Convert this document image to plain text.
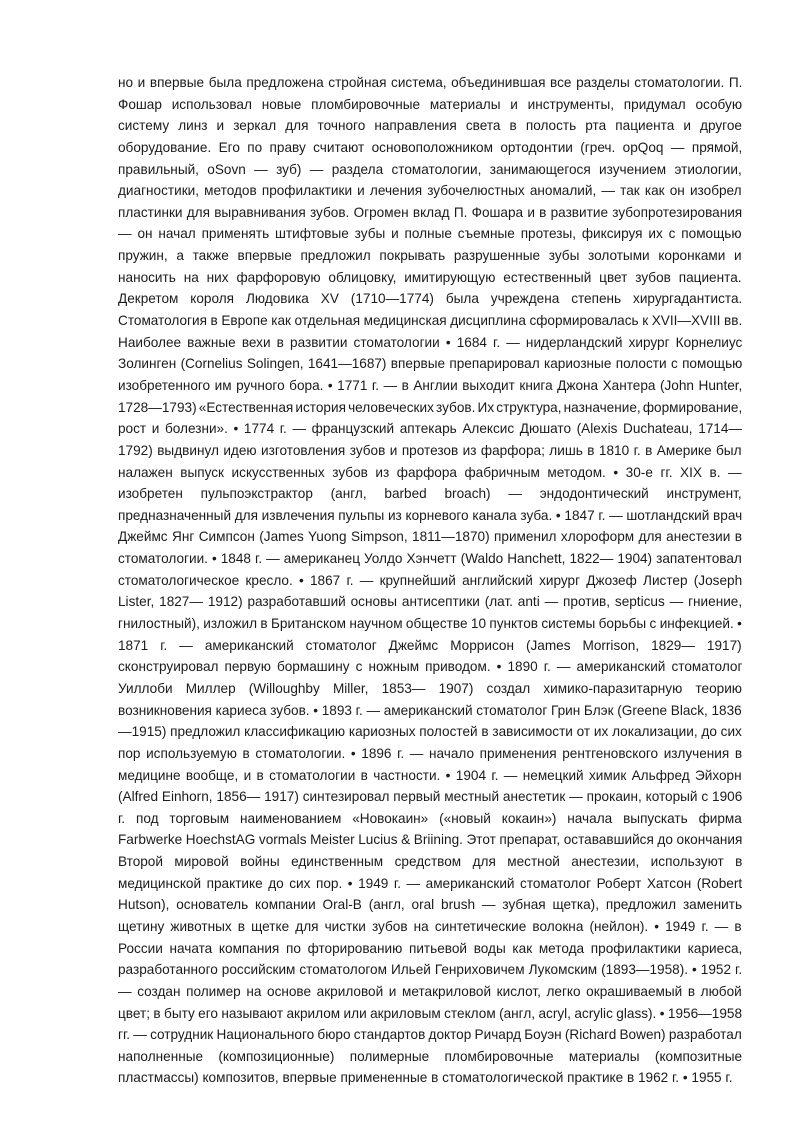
но и впервые была предложена стройная система, объединившая все разделы стоматологии. П.
Фошар использовал новые пломбировочные материалы и инструменты, придумал особую
систему линз и зеркал для точного направления света в полость рта пациента и другое
оборудование. Его по праву считают основоположником ортодонтии (греч. opQoq — прямой,
правильный, oSovn — зуб) — раздела стоматологии, занимающегося изучением этиологии,
диагностики, методов профилактики и лечения зубочелюстных аномалий, — так как он изобрел
пластинки для выравнивания зубов. Огромен вклад П. Фошара и в развитие зубопротезирования
— он начал применять штифтовые зубы и полные съемные протезы, фиксируя их с помощью
пружин, а также впервые предложил покрывать разрушенные зубы золотыми коронками и
наносить на них фарфоровую облицовку, имитирующую естественный цвет зубов пациента.
Декретом короля Людовика XV (1710—1774) была учреждена степень хирургадантиста.
Стоматология в Европе как отдельная медицинская дисциплина сформировалась к XVII—XVIII вв.
Наиболее важные вехи в развитии стоматологии • 1684 г. — нидерландский хирург Корнелиус
Золинген (Cornelius Solingen, 1641—1687) впервые препарировал кариозные полости с помощью
изобретенного им ручного бора. • 1771 г. — в Англии выходит книга Джона Хантера (John Hunter,
1728—1793) «Естественная история человеческих зубов. Их структура, назначение, формирование,
рост и болезни». • 1774 г. — французский аптекарь Алексис Дюшато (Alexis Duchateau, 1714—
1792) выдвинул идею изготовления зубов и протезов из фарфора; лишь в 1810 г. в Америке был
налажен выпуск искусственных зубов из фарфора фабричным методом. • 30-е гг. XIX в. —
изобретен пульпоэкстрактор (англ, barbed broach) — эндодонтический инструмент,
предназначенный для извлечения пульпы из корневого канала зуба. • 1847 г. — шотландский врач
Джеймс Янг Симпсон (James Yuong Simpson, 1811—1870) применил хлороформ для анестезии в
стоматологии. • 1848 г. — американец Уолдо Хэнчетт (Waldo Hanchett, 1822— 1904) запатентовал
стоматологическое кресло. • 1867 г. — крупнейший английский хирург Джозеф Листер (Joseph
Lister, 1827— 1912) разработавший основы антисептики (лат. anti — против, septicus — гниение,
гнилостный), изложил в Британском научном обществе 10 пунктов системы борьбы с инфекцией. •
1871 г. — американский стоматолог Джеймс Моррисон (James Morrison, 1829— 1917)
сконструировал первую бормашину с ножным приводом. • 1890 г. — американский стоматолог
Уиллоби Миллер (Willoughby Miller, 1853— 1907) создал химико-паразитарную теорию
возникновения кариеса зубов. • 1893 г. — американский стоматолог Грин Блэк (Greene Black, 1836
—1915) предложил классификацию кариозных полостей в зависимости от их локализации, до сих
пор используемую в стоматологии. • 1896 г. — начало применения рентгеновского излучения в
медицине вообще, и в стоматологии в частности. • 1904 г. — немецкий химик Альфред Эйхорн
(Alfred Einhorn, 1856— 1917) синтезировал первый местный анестетик — прокаин, который с 1906
г. под торговым наименованием «Новокаин» («новый кокаин») начала выпускать фирма
Farbwerke HoechstAG vormals Meister Lucius & Briining. Этот препарат, остававшийся до окончания
Второй мировой войны единственным средством для местной анестезии, используют в
медицинской практике до сих пор. • 1949 г. — американский стоматолог Роберт Хатсон (Robert
Hutson), основатель компании Oral-B (англ, oral brush — зубная щетка), предложил заменить
щетину животных в щетке для чистки зубов на синтетические волокна (нейлон). • 1949 г. — в
России начата компания по фторированию питьевой воды как метода профилактики кариеса,
разработанного российским стоматологом Ильей Генриховичем Лукомским (1893—1958). • 1952 г.
— создан полимер на основе акриловой и метакриловой кислот, легко окрашиваемый в любой
цвет; в быту его называют акрилом или акриловым стеклом (англ, acryl, acrylic glass). • 1956—1958
гг. — сотрудник Национального бюро стандартов доктор Ричард Боуэн (Richard Bowen) разработал
наполненные (композиционные) полимерные пломбировочные материалы (композитные
пластмассы) композитов, впервые примененные в стоматологической практике в 1962 г. • 1955 г.
